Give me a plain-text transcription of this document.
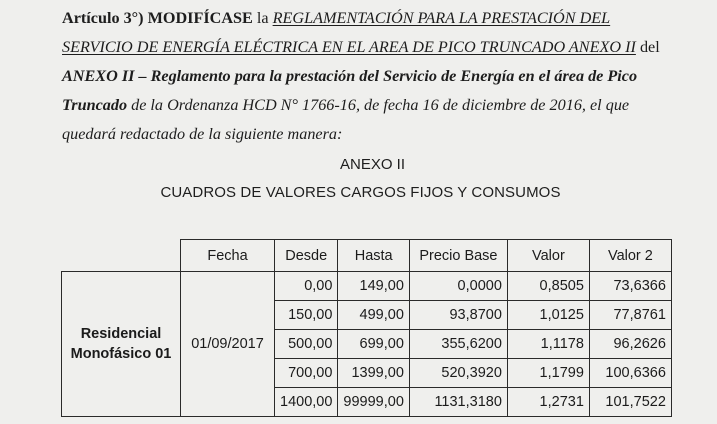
Artículo 3°) MODIFÍCASE la REGLAMENTACIÓN PARA LA PRESTACIÓN DEL
SERVICIO DE ENERGÍA ELÉCTRICA EN EL AREA DE PICO TRUNCADO ANEXO II del
ANEXO II – Reglamento para la prestación del Servicio de Energía en el área de Pico
Truncado de la Ordenanza HCD N° 1766-16, de fecha 16 de diciembre de 2016, el que
quedará redactado de la siguiente manera:
ANEXO II
CUADROS DE VALORES CARGOS FIJOS Y CONSUMOS
	Fecha	Desde	Hasta	Precio Base	Valor	Valor 2
Residencial
Monofásico 01	01/09/2017	0,00	149,00	0,0000	0,8505	73,6366
		150,00	499,00	93,8700	1,0125	77,8761
		500,00	699,00	355,6200	1,1178	96,2626
		700,00	1399,00	520,3920	1,1799	100,6366
		1400,00	99999,00	1131,3180	1,2731	101,7522
